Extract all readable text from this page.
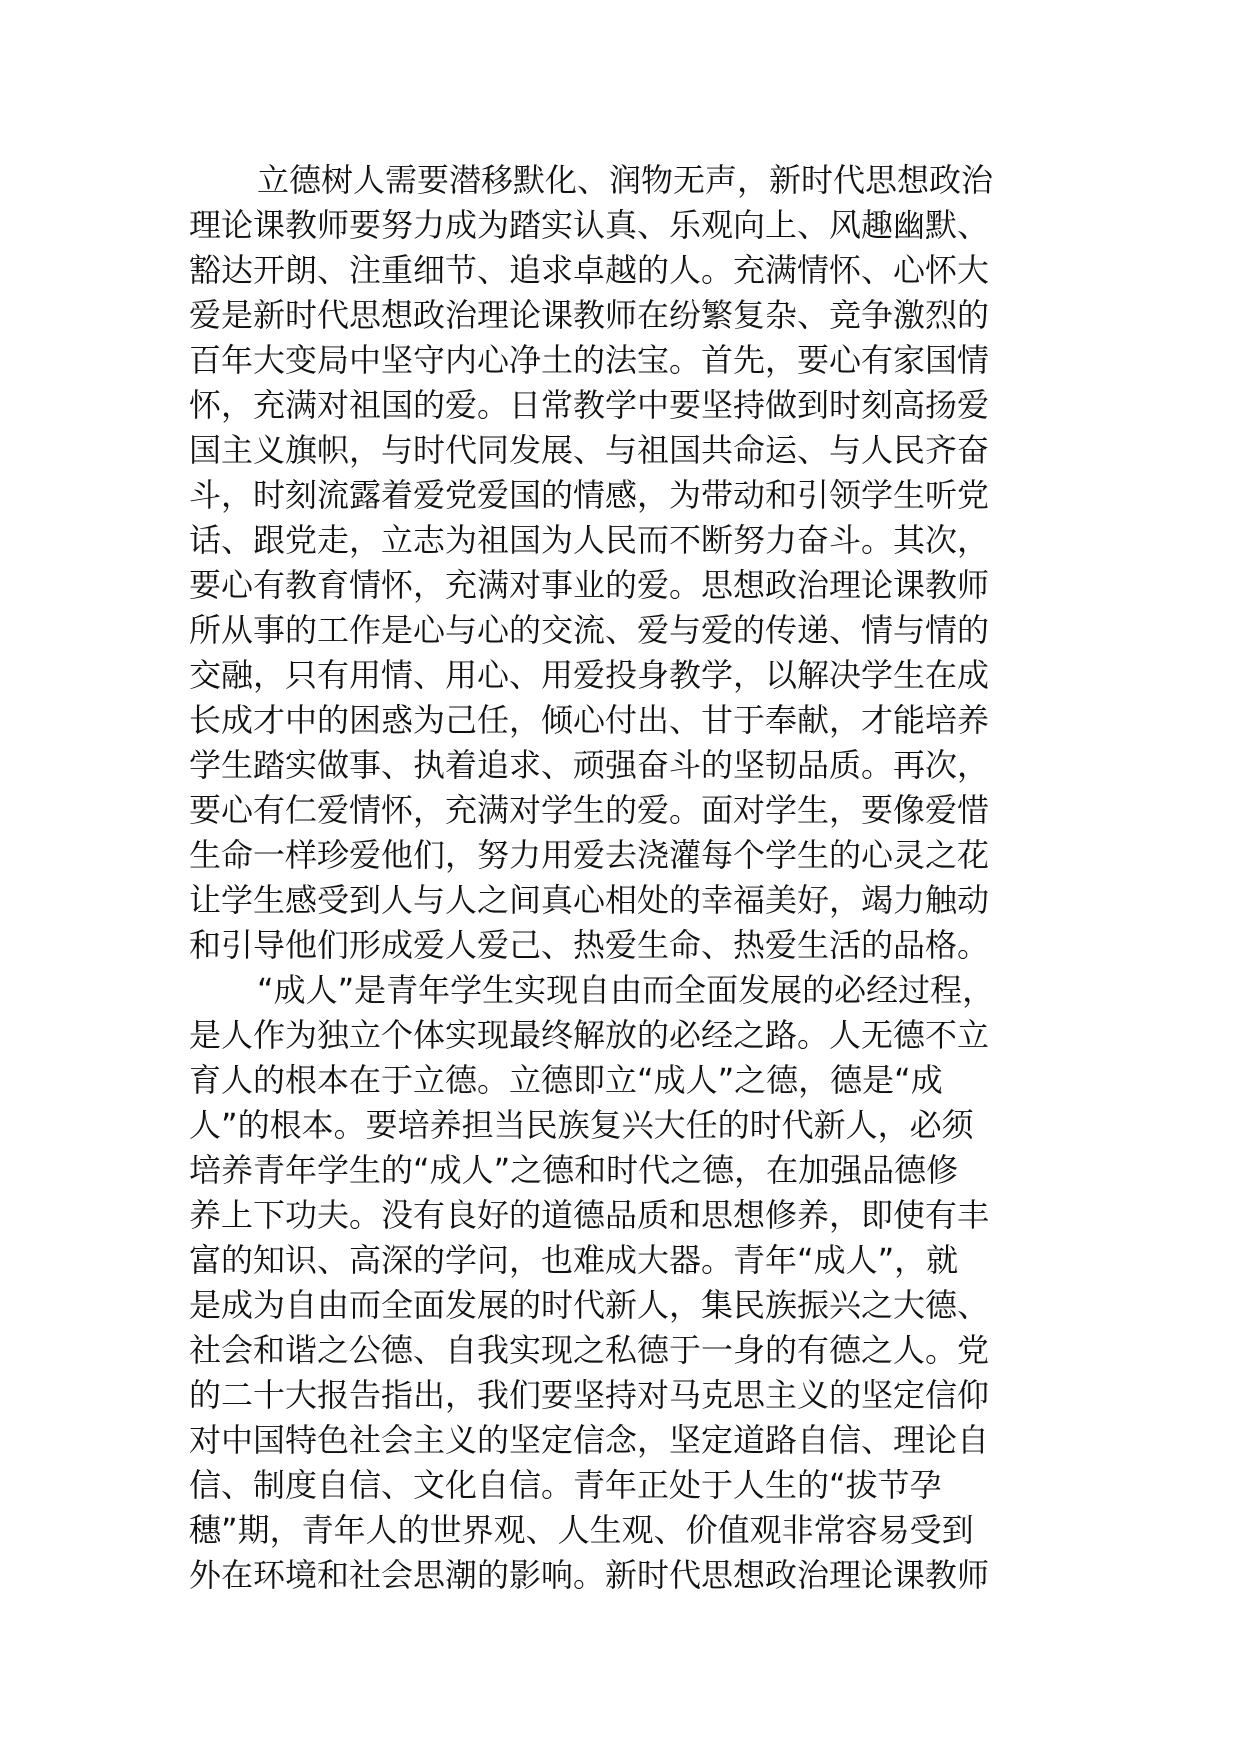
立德树人需要潜移默化、润物无声，新时代思想政治
理论课教师要努力成为踏实认真、乐观向上、风趣幽默、
豁达开朗、注重细节、追求卓越的人。充满情怀、心怀大
爱是新时代思想政治理论课教师在纷繁复杂、竞争激烈的
百年大变局中坚守内心净土的法宝。首先，要心有家国情
怀，充满对祖国的爱。日常教学中要坚持做到时刻高扬爱
国主义旗帜，与时代同发展、与祖国共命运、与人民齐奋
斗，时刻流露着爱党爱国的情感，为带动和引领学生听党
话、跟党走，立志为祖国为人民而不断努力奋斗。其次，
要心有教育情怀，充满对事业的爱。思想政治理论课教师
所从事的工作是心与心的交流、爱与爱的传递、情与情的
交融，只有用情、用心、用爱投身教学，以解决学生在成
长成才中的困惑为己任，倾心付出、甘于奉献，才能培养
学生踏实做事、执着追求、顽强奋斗的坚韧品质。再次，
要心有仁爱情怀，充满对学生的爱。面对学生，要像爱惜
生命一样珍爱他们，努力用爱去浇灌每个学生的心灵之花
让学生感受到人与人之间真心相处的幸福美好，竭力触动
和引导他们形成爱人爱己、热爱生命、热爱生活的品格。
“成人”是青年学生实现自由而全面发展的必经过程，
是人作为独立个体实现最终解放的必经之路。人无德不立
育人的根本在于立德。立德即立“成人”之德，德是“成
人”的根本。要培养担当民族复兴大任的时代新人，必须
培养青年学生的“成人”之德和时代之德，在加强品德修
养上下功夫。没有良好的道德品质和思想修养，即使有丰
富的知识、高深的学问，也难成大器。青年“成人”，就
是成为自由而全面发展的时代新人，集民族振兴之大德、
社会和谐之公德、自我实现之私德于一身的有德之人。党
的二十大报告指出，我们要坚持对马克思主义的坚定信仰
对中国特色社会主义的坚定信念，坚定道路自信、理论自
信、制度自信、文化自信。青年正处于人生的“拔节孕
穗”期，青年人的世界观、人生观、价值观非常容易受到
外在环境和社会思潮的影响。新时代思想政治理论课教师
